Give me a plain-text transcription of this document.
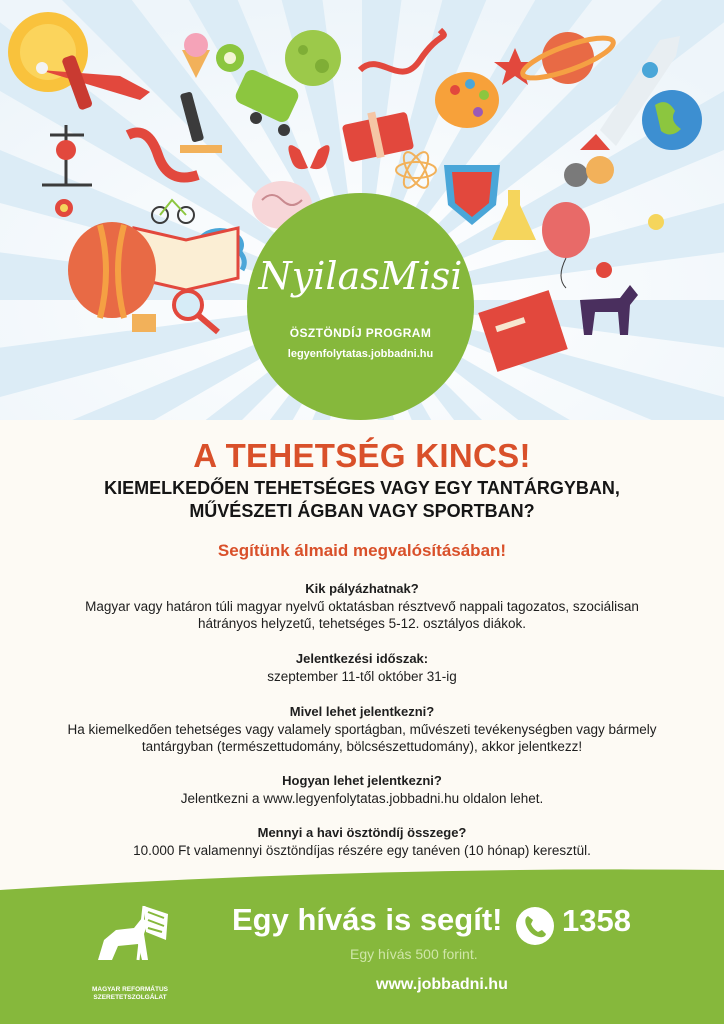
NyilasMisi
ÖSZTÖNDÍJ PROGRAM
legyenfolytatas.jobbadni.hu
A TEHETSÉG KINCS!
KIEMELKEDŐEN TEHETSÉGES VAGY EGY TANTÁRGYBAN,
MŰVÉSZETI ÁGBAN VAGY SPORTBAN?
Segítünk álmaid megvalósításában!
Kik pályázhatnak?
Magyar vagy határon túli magyar nyelvű oktatásban résztvevő nappali tagozatos, szociálisan
hátrányos helyzetű, tehetséges 5-12. osztályos diákok.
Jelentkezési időszak:
szeptember 11-től október 31-ig
Mivel lehet jelentkezni?
Ha kiemelkedően tehetséges vagy valamely sportágban, művészeti tevékenységben vagy bármely
tantárgyban (természettudomány, bölcsészettudomány), akkor jelentkezz!
Hogyan lehet jelentkezni?
Jelentkezni a www.legyenfolytatas.jobbadni.hu oldalon lehet.
Mennyi a havi ösztöndíj összege?
10.000 Ft valamennyi ösztöndíjas részére egy tanéven (10 hónap) keresztül.
MAGYAR REFORMÁTUS
SZERETETSZOLGÁLAT
Egy hívás is segít! 1358
Egy hívás 500 forint.
www.jobbadni.hu
